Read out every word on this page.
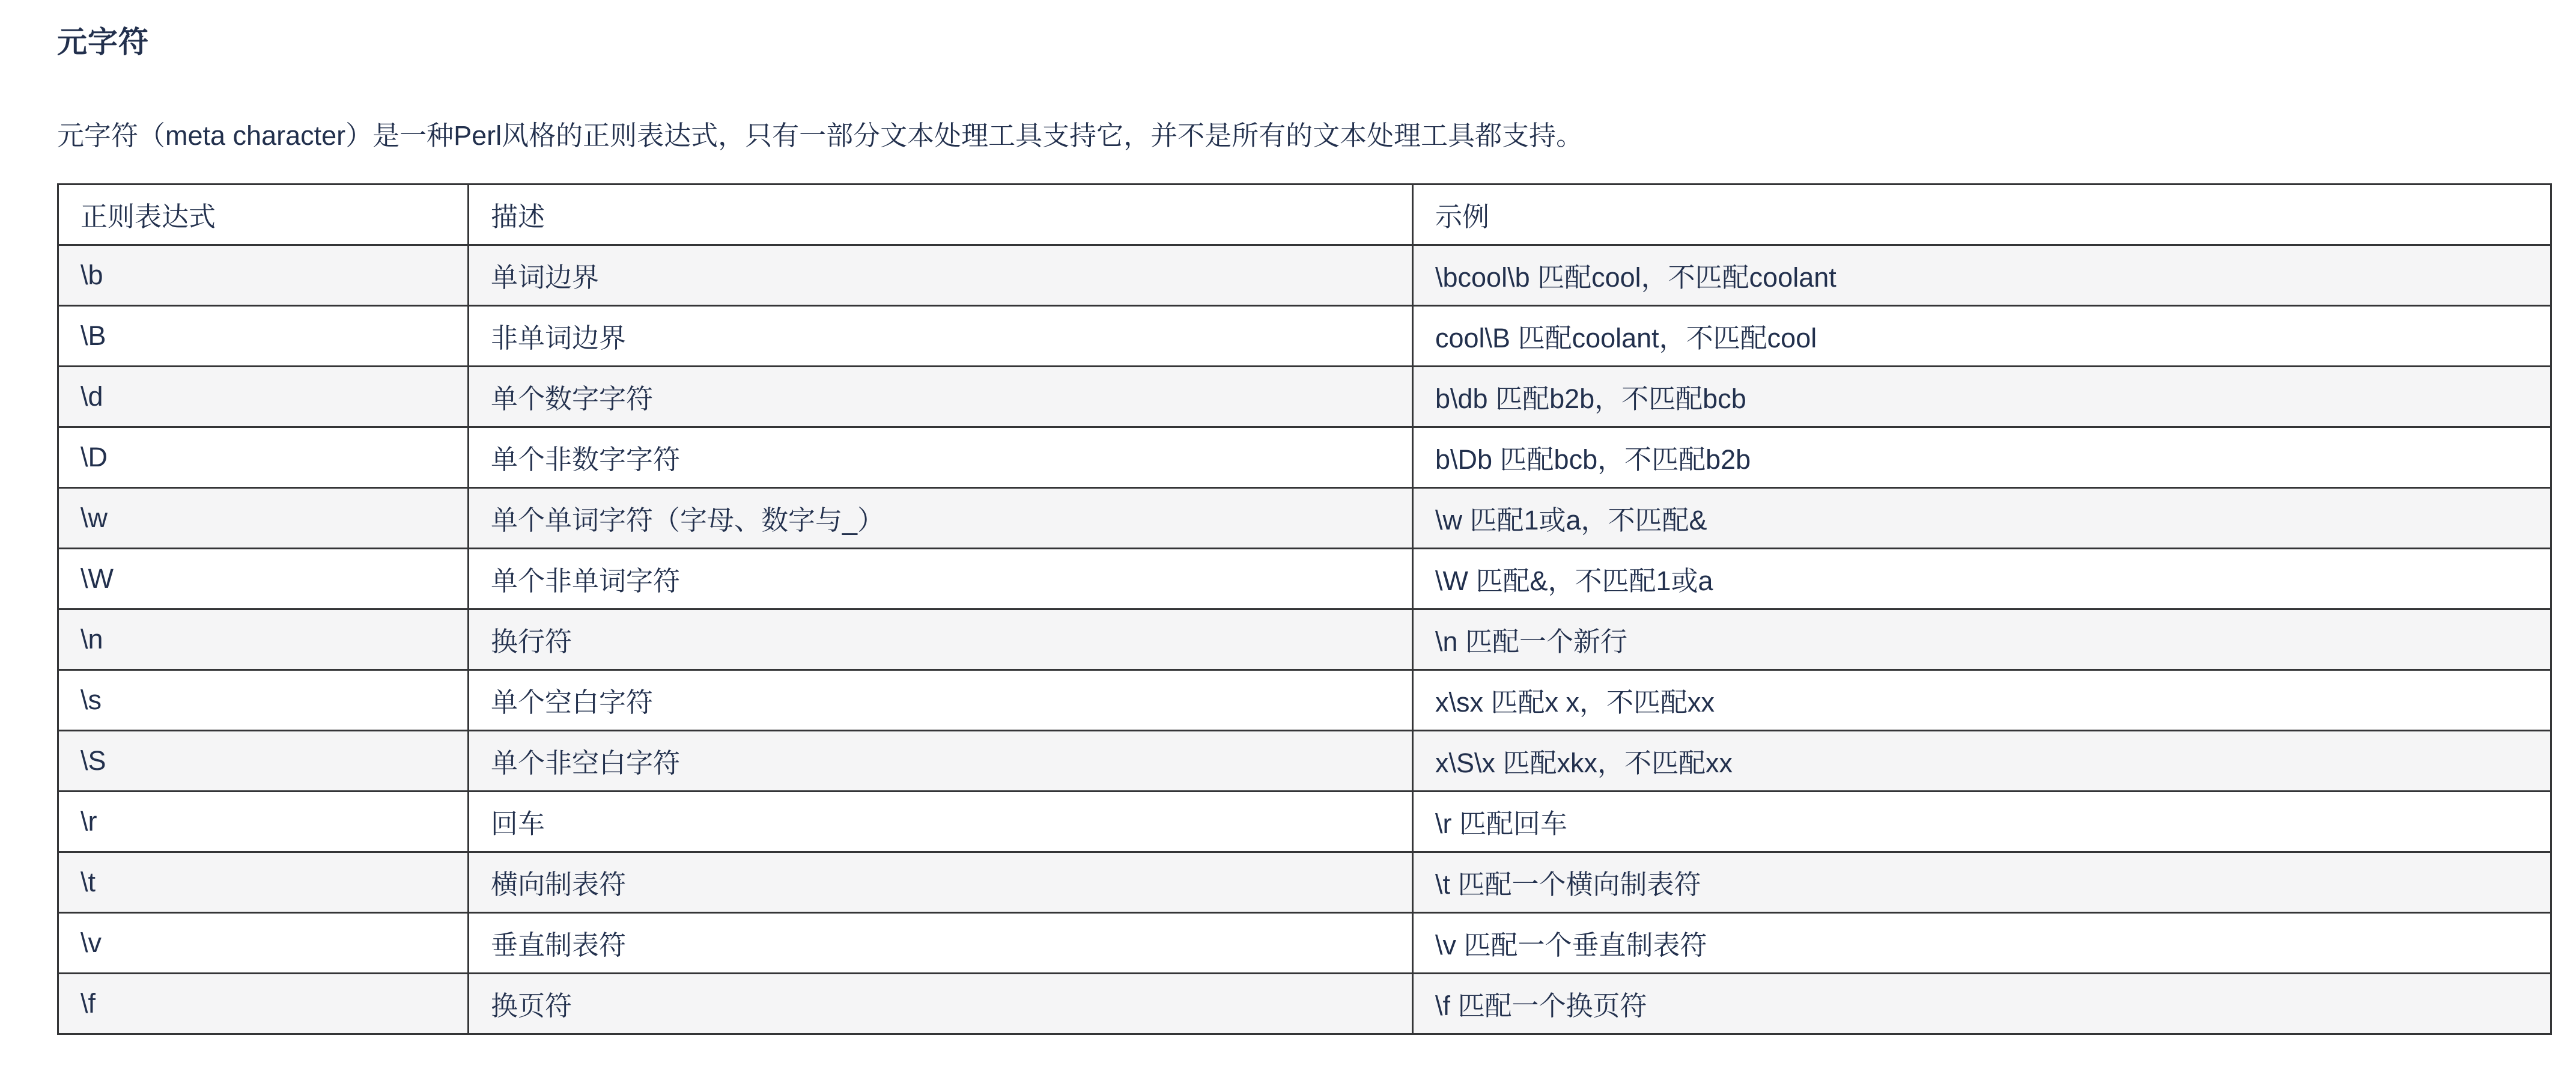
元字符

元字符（meta character）是一种Perl风格的正则表达式，只有一部分文本处理工具支持它，并不是所有的文本处理工具都支持。

正则表达式	描述	示例
\b	单词边界	\bcool\b 匹配cool，不匹配coolant
\B	非单词边界	cool\B 匹配coolant，不匹配cool
\d	单个数字字符	b\db 匹配b2b，不匹配bcb
\D	单个非数字字符	b\Db 匹配bcb，不匹配b2b
\w	单个单词字符（字母、数字与_）	\w 匹配1或a，不匹配&
\W	单个非单词字符	\W 匹配&，不匹配1或a
\n	换行符	\n 匹配一个新行
\s	单个空白字符	x\sx 匹配x x，不匹配xx
\S	单个非空白字符	x\S\x 匹配xkx，不匹配xx
\r	回车	\r 匹配回车
\t	横向制表符	\t 匹配一个横向制表符
\v	垂直制表符	\v 匹配一个垂直制表符
\f	换页符	\f 匹配一个换页符
